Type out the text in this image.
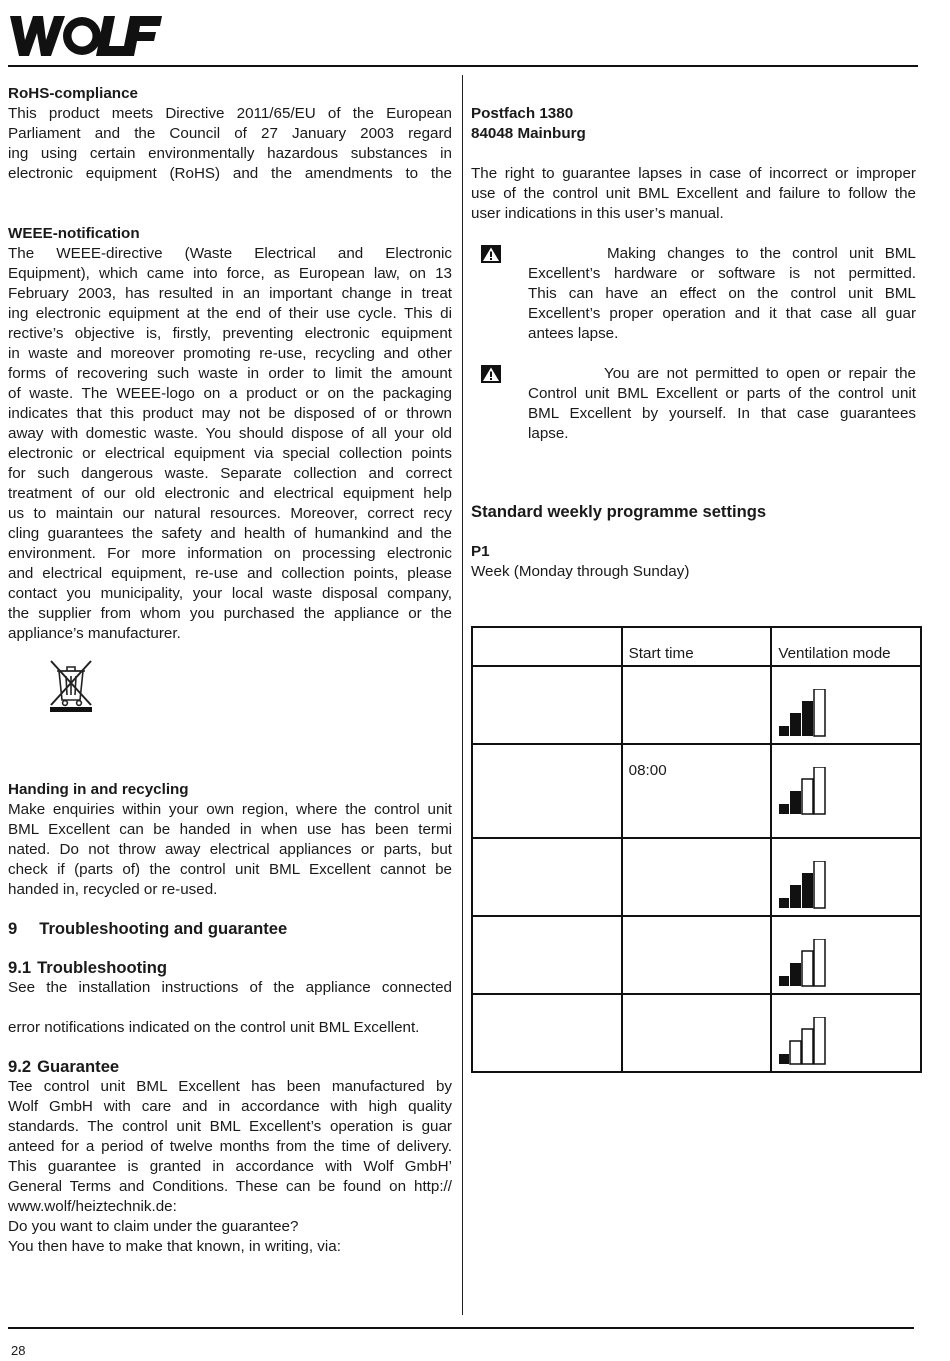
RoHS-compliance

This product meets Directive 2011/65/EU of the European

Parliament and the Council of 27 January 2003 regard

ing using certain environmentally hazardous substances in

electronic equipment (RoHS) and the amendments to the

WEEE-notification

The WEEE-directive (Waste Electrical and Electronic

Equipment), which came into force, as European law, on 13

February 2003, has resulted in an important change in treat

ing electronic equipment at the end of their use cycle. This di

rective’s objective is, firstly, preventing electronic equipment

in waste and moreover promoting re-use, recycling and other

forms of recovering such waste in order to limit the amount

of waste. The WEEE-logo on a product or on the packaging

indicates that this product may not be disposed of or thrown

away with domestic waste. You should dispose of all your old

electronic or electrical equipment via special collection points

for such dangerous waste. Separate collection and correct

treatment of our old electronic and electrical equipment help

us to maintain our natural resources. Moreover, correct recy

cling guarantees the safety and health of humankind and the

environment. For more information on processing electronic

and electrical equipment, re-use and collection points, please

contact you municipality, your local waste disposal company,

the supplier from whom you purchased the appliance or the

appliance’s manufacturer.

Handing in and recycling

Make enquiries within your own region, where the control unit

BML Excellent can be handed in when use has been termi

nated. Do not throw away electrical appliances or parts, but

check if (parts of) the control unit BML Excellent cannot be

handed in, recycled or re-used.

9 Troubleshooting and guarantee

9.1 Troubleshooting

See the installation instructions of the appliance connected

error notifications indicated on the control unit BML Excellent.

9.2 Guarantee

Tee control unit BML Excellent has been manufactured by

Wolf GmbH with care and in accordance with high quality

standards. The control unit BML Excellent’s operation is guar

anteed for a period of twelve months from the time of delivery.

This guarantee is granted in accordance with Wolf GmbH’

General Terms and Conditions. These can be found on http://

www.wolf/heiztechnik.de:

Do you want to claim under the guarantee?

You then have to make that known, in writing, via:

Postfach 1380

84048 Mainburg

The right to guarantee lapses in case of incorrect or improper

use of the control unit BML Excellent and failure to follow the

user indications in this user’s manual.

Making changes to the control unit BML

Excellent’s hardware or software is not permitted.

This can have an effect on the control unit BML

Excellent’s proper operation and it that case all guar

antees lapse.

You are not permitted to open or repair the

Control unit BML Excellent or parts of the control unit

BML Excellent by yourself. In that case guarantees

lapse.

Standard weekly programme settings

P1

Week (Monday through Sunday)

	Start time	Ventilation mode

	08:00	

28
